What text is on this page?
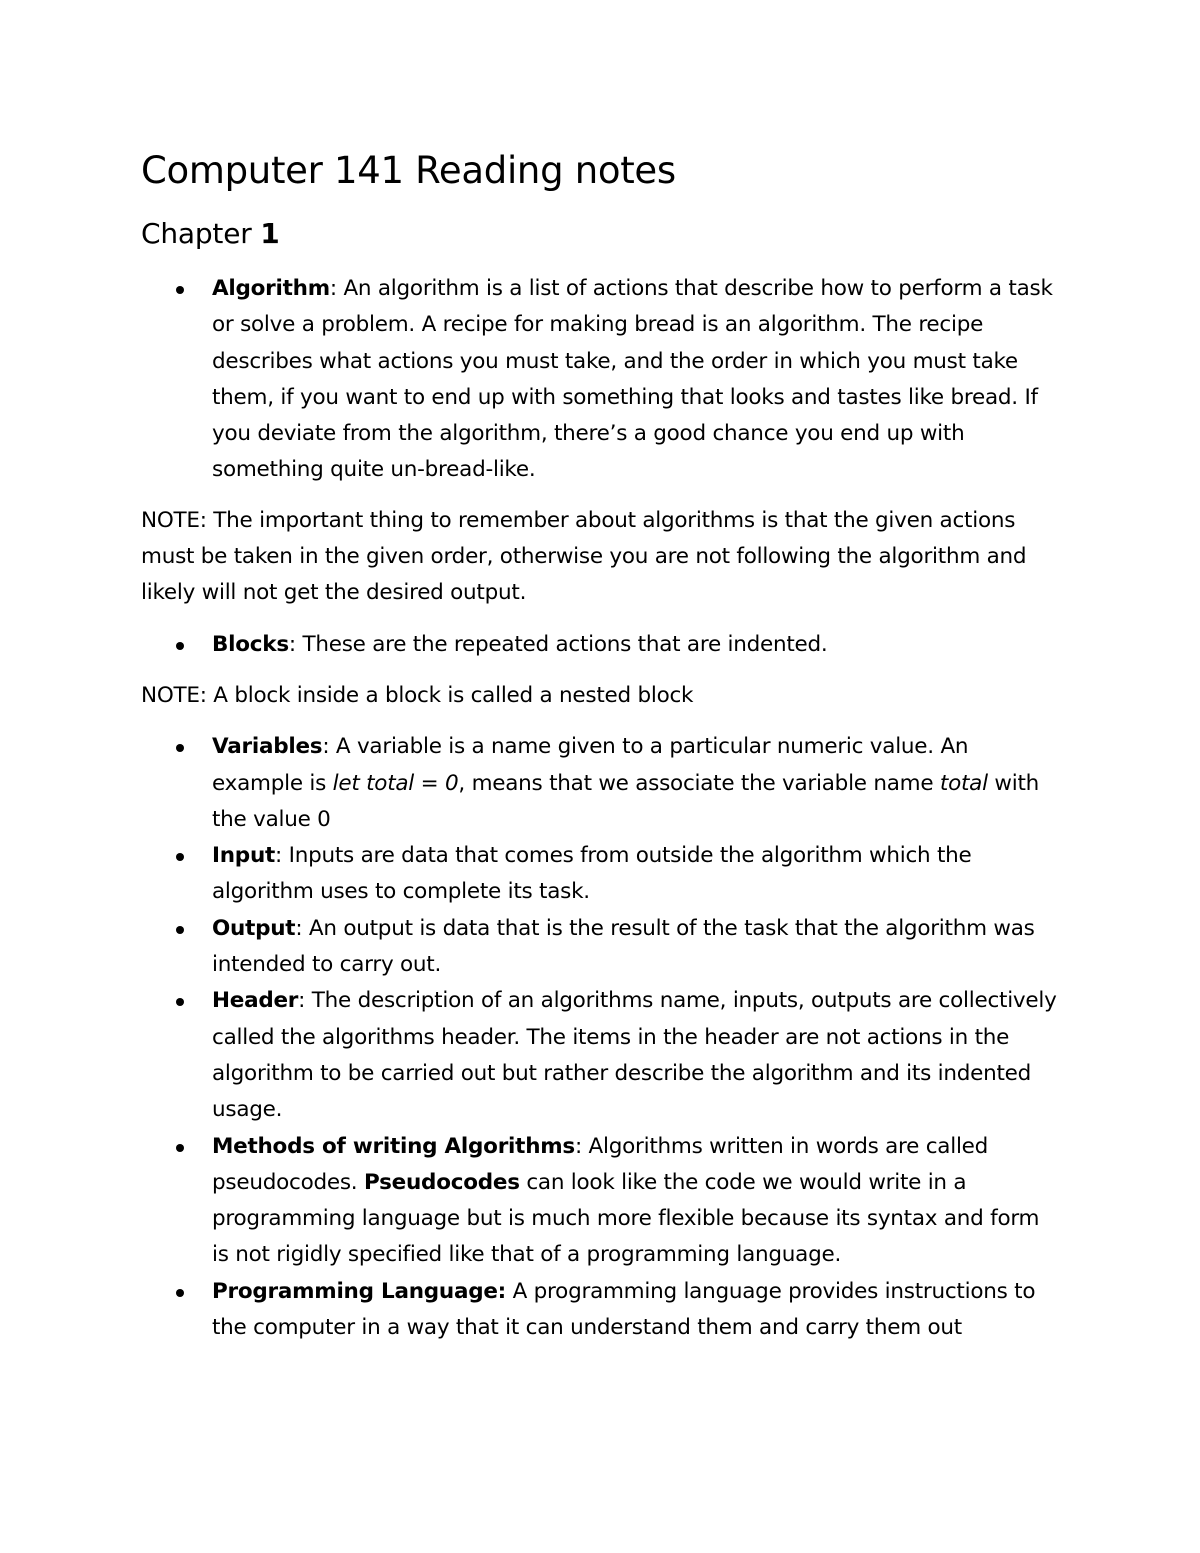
Computer 141 Reading notes
Chapter 1
Algorithm: An algorithm is a list of actions that describe how to perform a task or solve a problem. A recipe for making bread is an algorithm. The recipe describes what actions you must take, and the order in which you must take them, if you want to end up with something that looks and tastes like bread. If you deviate from the algorithm, there’s a good chance you end up with something quite un-bread-like.

NOTE: The important thing to remember about algorithms is that the given actions must be taken in the given order, otherwise you are not following the algorithm and likely will not get the desired output.

Blocks: These are the repeated actions that are indented.

NOTE: A block inside a block is called a nested block

Variables: A variable is a name given to a particular numeric value. An example is let total = 0, means that we associate the variable name total with the value 0
Input: Inputs are data that comes from outside the algorithm which the algorithm uses to complete its task.
Output: An output is data that is the result of the task that the algorithm was intended to carry out.
Header: The description of an algorithms name, inputs, outputs are collectively called the algorithms header. The items in the header are not actions in the algorithm to be carried out but rather describe the algorithm and its indented usage.
Methods of writing Algorithms: Algorithms written in words are called pseudocodes. Pseudocodes can look like the code we would write in a programming language but is much more flexible because its syntax and form is not rigidly specified like that of a programming language.
Programming Language: A programming language provides instructions to the computer in a way that it can understand them and carry them out
